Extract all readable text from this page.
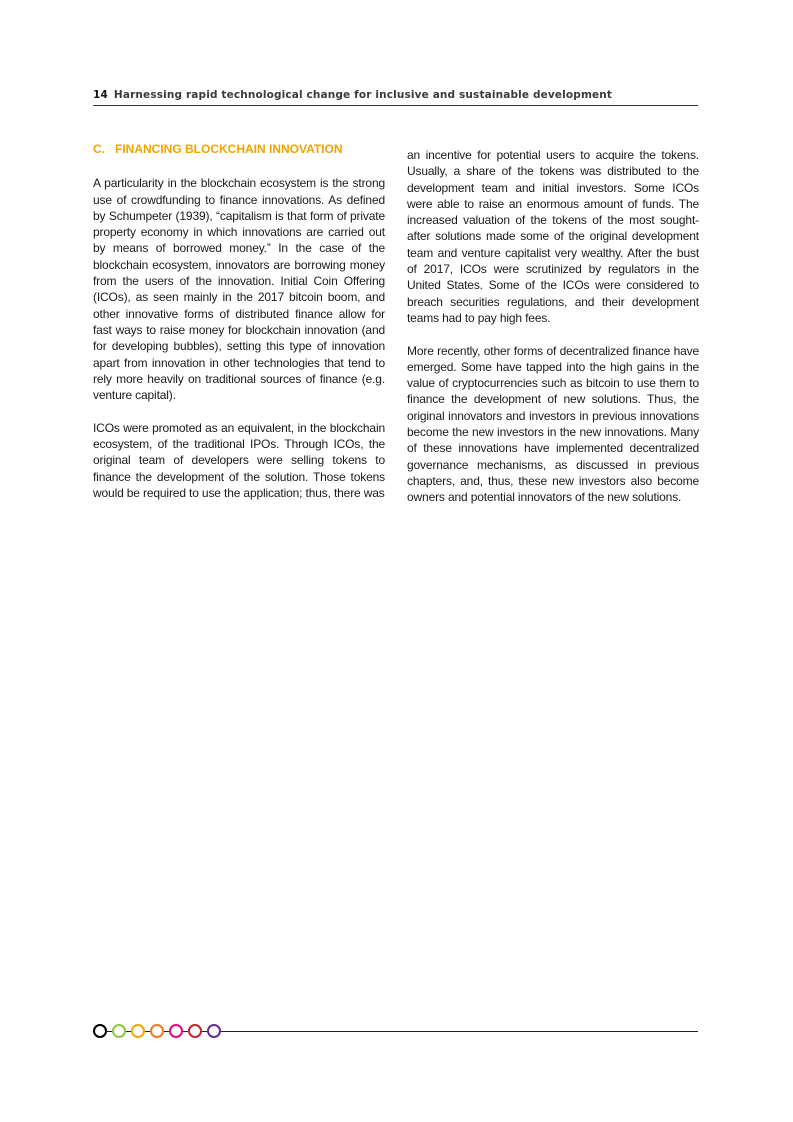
14 Harnessing rapid technological change for inclusive and sustainable development
C. FINANCING BLOCKCHAIN INNOVATION

A particularity in the blockchain ecosystem is the strong use of crowdfunding to finance innovations. As defined by Schumpeter (1939), “capitalism is that form of private property economy in which innovations are carried out by means of borrowed money.” In the case of the blockchain ecosystem, innovators are borrowing money from the users of the innovation. Initial Coin Offering (ICOs), as seen mainly in the 2017 bitcoin boom, and other innovative forms of distributed finance allow for fast ways to raise money for blockchain innovation (and for developing bubbles), setting this type of innovation apart from innovation in other technologies that tend to rely more heavily on traditional sources of finance (e.g. venture capital).

ICOs were promoted as an equivalent, in the blockchain ecosystem, of the traditional IPOs. Through ICOs, the original team of developers were selling tokens to finance the development of the solution. Those tokens would be required to use the application; thus, there was

an incentive for potential users to acquire the tokens. Usually, a share of the tokens was distributed to the development team and initial investors. Some ICOs were able to raise an enormous amount of funds. The increased valuation of the tokens of the most sought-after solutions made some of the original development team and venture capitalist very wealthy. After the bust of 2017, ICOs were scrutinized by regulators in the United States. Some of the ICOs were considered to breach securities regulations, and their development teams had to pay high fees.

More recently, other forms of decentralized finance have emerged. Some have tapped into the high gains in the value of cryptocurrencies such as bitcoin to use them to finance the development of new solutions. Thus, the original innovators and investors in previous innovations become the new investors in the new innovations. Many of these innovations have implemented decentralized governance mechanisms, as discussed in previous chapters, and, thus, these new investors also become owners and potential innovators of the new solutions.
